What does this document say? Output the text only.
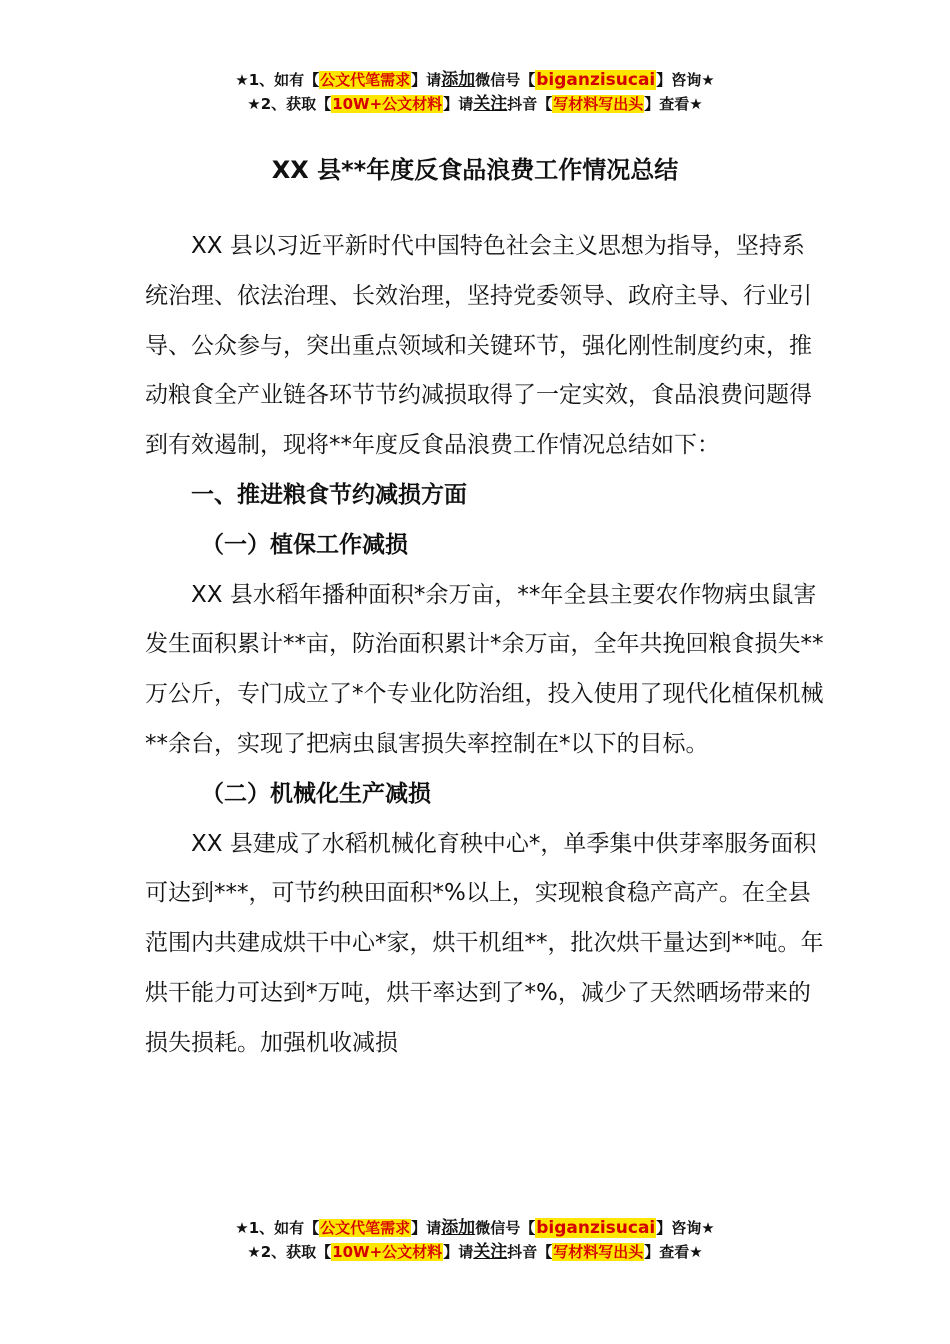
★1、如有【公文代笔需求】请添加微信号【biganzisucai】咨询★
★2、获取【10W+公文材料】请关注抖音【写材料写出头】查看★
XX 县**年度反食品浪费工作情况总结

XX 县以习近平新时代中国特色社会主义思想为指导，坚持系统治理、依法治理、长效治理，坚持党委领导、政府主导、行业引导、公众参与，突出重点领域和关键环节，强化刚性制度约束，推动粮食全产业链各环节节约减损取得了一定实效，食品浪费问题得到有效遏制，现将**年度反食品浪费工作情况总结如下：

一、推进粮食节约减损方面

（一）植保工作减损

XX 县水稻年播种面积*余万亩，**年全县主要农作物病虫鼠害发生面积累计**亩，防治面积累计*余万亩，全年共挽回粮食损失**万公斤，专门成立了*个专业化防治组，投入使用了现代化植保机械**余台，实现了把病虫鼠害损失率控制在*以下的目标。

（二）机械化生产减损

XX 县建成了水稻机械化育秧中心*，单季集中供芽率服务面积可达到***，可节约秧田面积*%以上，实现粮食稳产高产。在全县范围内共建成烘干中心*家，烘干机组**，批次烘干量达到**吨。年烘干能力可达到*万吨，烘干率达到了*%，减少了天然晒场带来的损失损耗。加强机收减损

★1、如有【公文代笔需求】请添加微信号【biganzisucai】咨询★
★2、获取【10W+公文材料】请关注抖音【写材料写出头】查看★
